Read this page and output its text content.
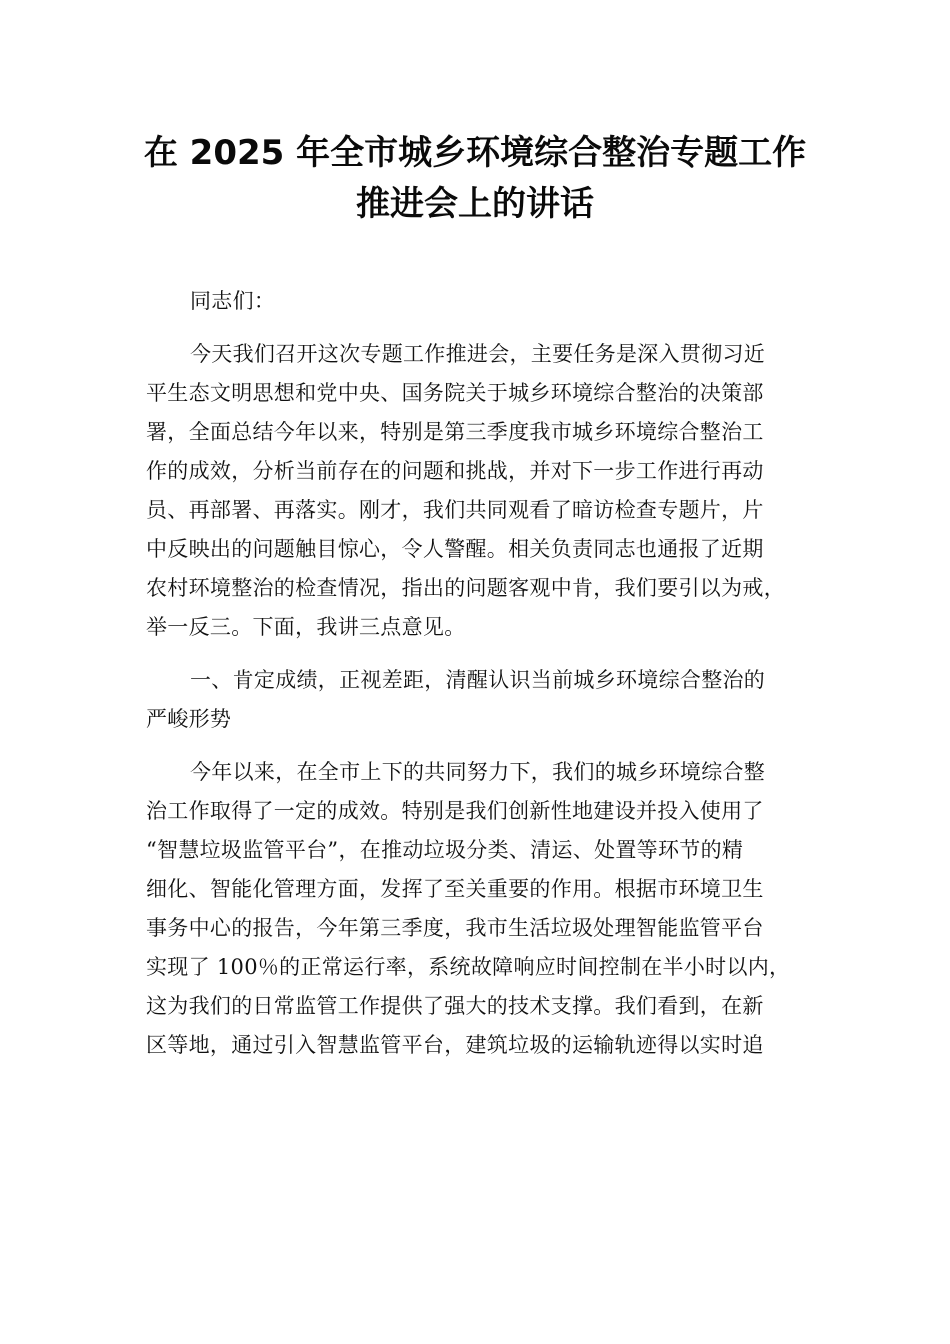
在 2025 年全市城乡环境综合整治专题工作
推进会上的讲话
同志们：
今天我们召开这次专题工作推进会，主要任务是深入贯彻习近
平生态文明思想和党中央、国务院关于城乡环境综合整治的决策部
署，全面总结今年以来，特别是第三季度我市城乡环境综合整治工
作的成效，分析当前存在的问题和挑战，并对下一步工作进行再动
员、再部署、再落实。刚才，我们共同观看了暗访检查专题片，片
中反映出的问题触目惊心，令人警醒。相关负责同志也通报了近期
农村环境整治的检查情况，指出的问题客观中肯，我们要引以为戒，
举一反三。下面，我讲三点意见。
一、肯定成绩，正视差距，清醒认识当前城乡环境综合整治的
严峻形势
今年以来，在全市上下的共同努力下，我们的城乡环境综合整
治工作取得了一定的成效。特别是我们创新性地建设并投入使用了
“智慧垃圾监管平台”，在推动垃圾分类、清运、处置等环节的精
细化、智能化管理方面，发挥了至关重要的作用。根据市环境卫生
事务中心的报告，今年第三季度，我市生活垃圾处理智能监管平台
实现了 100％的正常运行率，系统故障响应时间控制在半小时以内，
这为我们的日常监管工作提供了强大的技术支撑。我们看到，在新
区等地，通过引入智慧监管平台，建筑垃圾的运输轨迹得以实时追
